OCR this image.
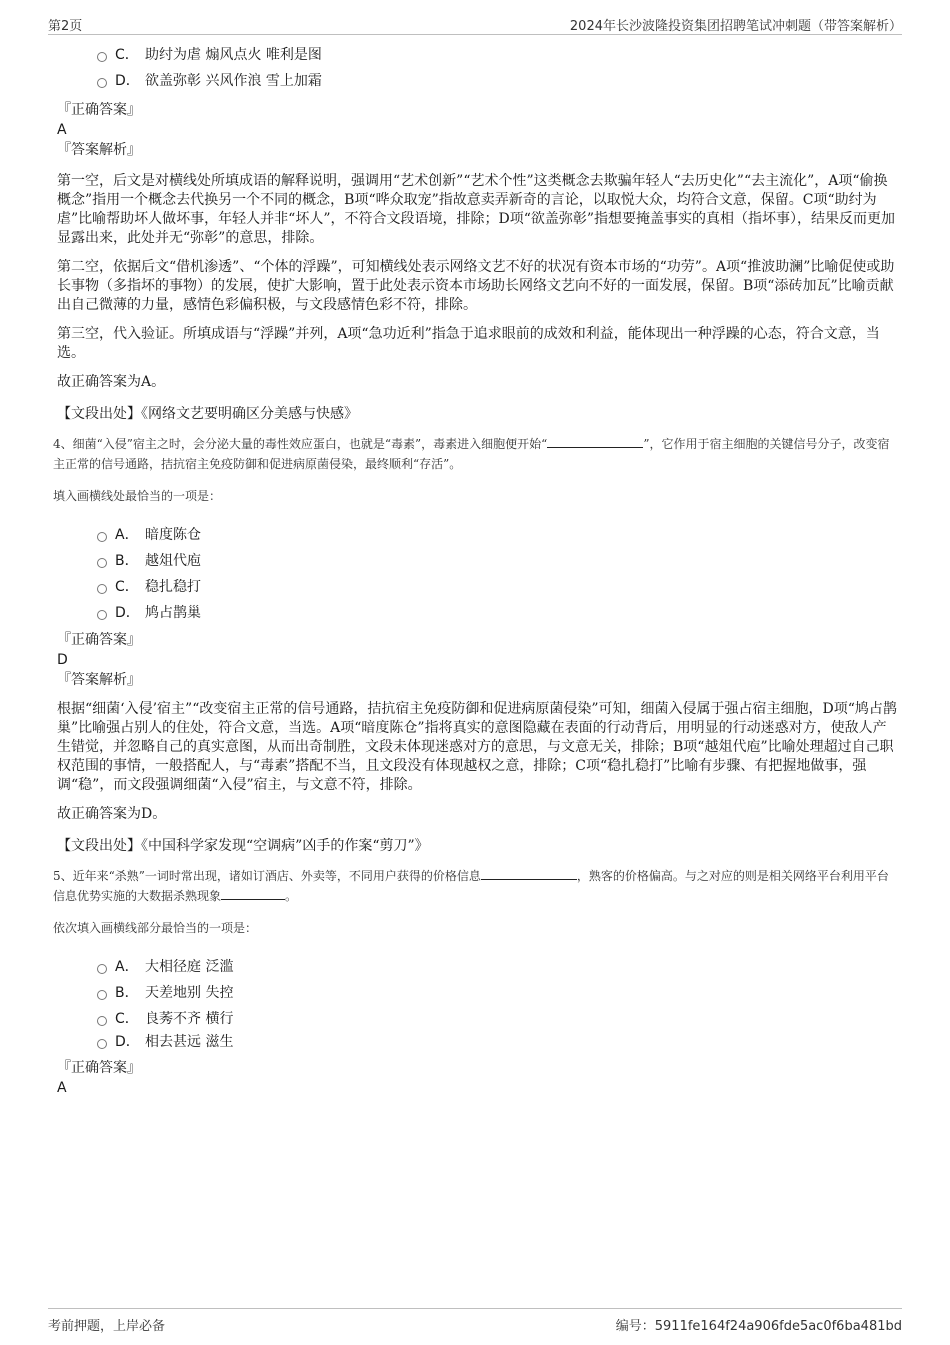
第2页	2024年长沙波隆投资集团招聘笔试冲刺题（带答案解析）
C． 助纣为虐 煽风点火 唯利是图
D． 欲盖弥彰 兴风作浪 雪上加霜
『正确答案』
A
『答案解析』

第一空，后文是对横线处所填成语的解释说明，强调用“艺术创新”“艺术个性”这类概念去欺骗年轻人“去历史化”“去主流化”，A项“偷换概念”指用一个概念去代换另一个不同的概念，B项“哗众取宠”指故意卖弄新奇的言论，以取悦大众，均符合文意，保留。C项“助纣为虐”比喻帮助坏人做坏事，年轻人并非“坏人”，不符合文段语境，排除；D项“欲盖弥彰”指想要掩盖事实的真相（指坏事），结果反而更加显露出来，此处并无“弥彰”的意思，排除。

第二空，依据后文“借机渗透”、“个体的浮躁”，可知横线处表示网络文艺不好的状况有资本市场的“功劳”。A项“推波助澜”比喻促使或助长事物（多指坏的事物）的发展，使扩大影响，置于此处表示资本市场助长网络文艺向不好的一面发展，保留。B项“添砖加瓦”比喻贡献出自己微薄的力量，感情色彩偏积极，与文段感情色彩不符，排除。

第三空，代入验证。所填成语与“浮躁”并列，A项“急功近利”指急于追求眼前的成效和利益，能体现出一种浮躁的心态，符合文意，当选。

故正确答案为A。

【文段出处】《网络文艺要明确区分美感与快感》
4、细菌“入侵”宿主之时，会分泌大量的毒性效应蛋白，也就是“毒素”，毒素进入细胞便开始“	”，它作用于宿主细胞的关键信号分子，改变宿主正常的信号通路，拮抗宿主免疫防御和促进病原菌侵染，最终顺利“存活”。
填入画横线处最恰当的一项是：
A． 暗度陈仓
B． 越俎代庖
C． 稳扎稳打
D． 鸠占鹊巢
『正确答案』
D
『答案解析』

根据“细菌‘入侵’宿主”“改变宿主正常的信号通路，拮抗宿主免疫防御和促进病原菌侵染”可知，细菌入侵属于强占宿主细胞，D项“鸠占鹊巢”比喻强占别人的住处，符合文意，当选。A项“暗度陈仓”指将真实的意图隐藏在表面的行动背后，用明显的行动迷惑对方，使敌人产生错觉，并忽略自己的真实意图，从而出奇制胜，文段未体现迷惑对方的意思，与文意无关，排除；B项“越俎代庖”比喻处理超过自己职权范围的事情，一般搭配人，与“毒素”搭配不当，且文段没有体现越权之意，排除；C项“稳扎稳打”比喻有步骤、有把握地做事，强调“稳”，而文段强调细菌“入侵”宿主，与文意不符，排除。

故正确答案为D。

【文段出处】《中国科学家发现“空调病”凶手的作案“剪刀”》
5、近年来“杀熟”一词时常出现，诸如订酒店、外卖等，不同用户获得的价格信息	，熟客的价格偏高。与之对应的则是相关网络平台利用平台信息优势实施的大数据杀熟现象	。
依次填入画横线部分最恰当的一项是：
A． 大相径庭 泛滥
B． 天差地别 失控
C． 良莠不齐 横行
D． 相去甚远 滋生
『正确答案』
A
考前押题，上岸必备	编号：5911fe164f24a906fde5ac0f6ba481bd
